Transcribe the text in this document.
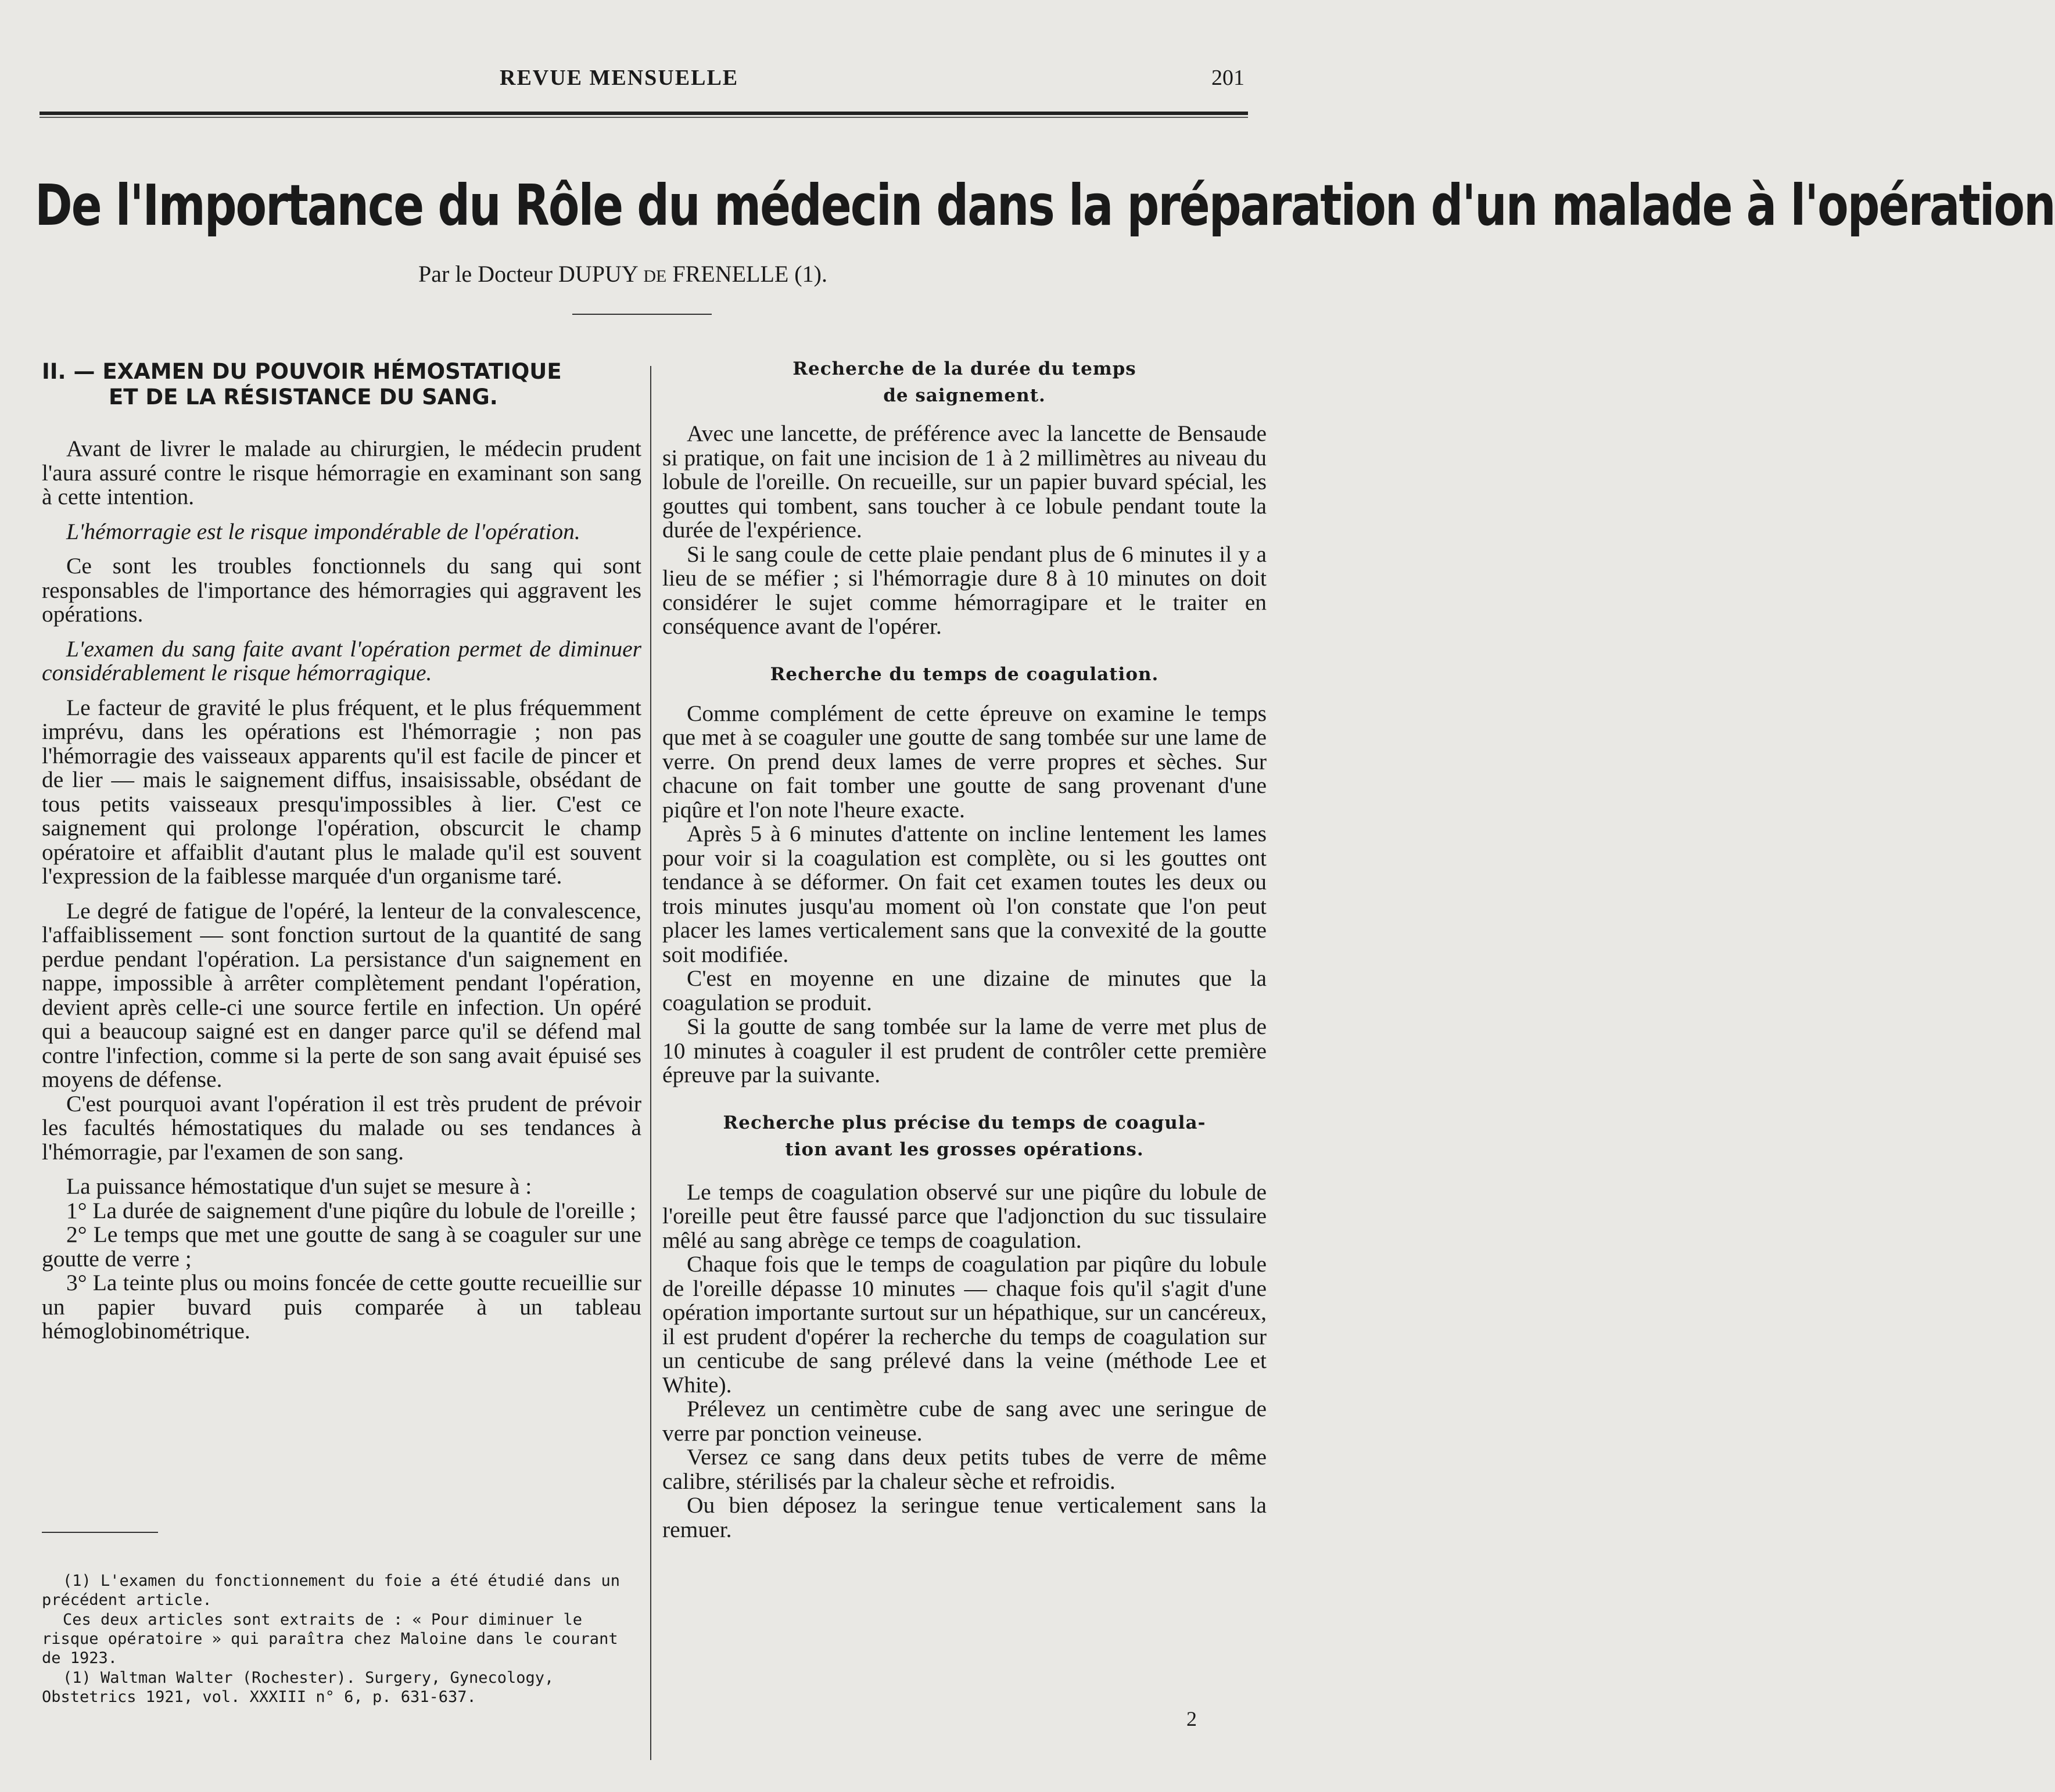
REVUE MENSUELLE	201
De l'Importance du Rôle du médecin dans la préparation d'un malade à l'opération
Par le Docteur DUPUY DE FRENELLE (1).
II. — EXAMEN DU POUVOIR HÉMOSTATIQUE
ET DE LA RÉSISTANCE DU SANG.

Avant de livrer le malade au chirurgien, le médecin prudent l'aura assuré contre le risque hémorragie en examinant son sang à cette intention.

L'hémorragie est le risque impondérable de l'opération.

Ce sont les troubles fonctionnels du sang qui sont responsables de l'importance des hémorragies qui aggravent les opérations.

L'examen du sang faite avant l'opération permet de diminuer considérablement le risque hémorragique.

Le facteur de gravité le plus fréquent, et le plus fréquemment imprévu, dans les opérations est l'hémorragie ; non pas l'hémorragie des vaisseaux apparents qu'il est facile de pincer et de lier — mais le saignement diffus, insaisissable, obsédant de tous petits vaisseaux presqu'impossibles à lier. C'est ce saignement qui prolonge l'opération, obscurcit le champ opératoire et affaiblit d'autant plus le malade qu'il est souvent l'expression de la faiblesse marquée d'un organisme taré.

Le degré de fatigue de l'opéré, la lenteur de la convalescence, l'affaiblissement — sont fonction surtout de la quantité de sang perdue pendant l'opération. La persistance d'un saignement en nappe, impossible à arrêter complètement pendant l'opération, devient après celle-ci une source fertile en infection. Un opéré qui a beaucoup saigné est en danger parce qu'il se défend mal contre l'infection, comme si la perte de son sang avait épuisé ses moyens de défense.

C'est pourquoi avant l'opération il est très prudent de prévoir les facultés hémostatiques du malade ou ses tendances à l'hémorragie, par l'examen de son sang.

La puissance hémostatique d'un sujet se mesure à :

1° La durée de saignement d'une piqûre du lobule de l'oreille ;

2° Le temps que met une goutte de sang à se coaguler sur une goutte de verre ;

3° La teinte plus ou moins foncée de cette goutte recueillie sur un papier buvard puis comparée à un tableau hémoglobinométrique.

(1) L'examen du fonctionnement du foie a été étudié dans un précédent article.

Ces deux articles sont extraits de : « Pour diminuer le risque opératoire » qui paraîtra chez Maloine dans le courant de 1923.

(1) Waltman Walter (Rochester). Surgery, Gynecology, Obstetrics 1921, vol. XXXIII n° 6, p. 631-637.

Recherche de la durée du temps
de saignement.

Avec une lancette, de préférence avec la lancette de Bensaude si pratique, on fait une incision de 1 à 2 millimètres au niveau du lobule de l'oreille. On recueille, sur un papier buvard spécial, les gouttes qui tombent, sans toucher à ce lobule pendant toute la durée de l'expérience.

Si le sang coule de cette plaie pendant plus de 6 minutes il y a lieu de se méfier ; si l'hémorragie dure 8 à 10 minutes on doit considérer le sujet comme hémorragipare et le traiter en conséquence avant de l'opérer.

Recherche du temps de coagulation.

Comme complément de cette épreuve on examine le temps que met à se coaguler une goutte de sang tombée sur une lame de verre. On prend deux lames de verre propres et sèches. Sur chacune on fait tomber une goutte de sang provenant d'une piqûre et l'on note l'heure exacte.

Après 5 à 6 minutes d'attente on incline lentement les lames pour voir si la coagulation est complète, ou si les gouttes ont tendance à se déformer. On fait cet examen toutes les deux ou trois minutes jusqu'au moment où l'on constate que l'on peut placer les lames verticalement sans que la convexité de la goutte soit modifiée.

C'est en moyenne en une dizaine de minutes que la coagulation se produit.

Si la goutte de sang tombée sur la lame de verre met plus de 10 minutes à coaguler il est prudent de contrôler cette première épreuve par la suivante.

Recherche plus précise du temps de coagula-
tion avant les grosses opérations.

Le temps de coagulation observé sur une piqûre du lobule de l'oreille peut être faussé parce que l'adjonction du suc tissulaire mêlé au sang abrège ce temps de coagulation.

Chaque fois que le temps de coagulation par piqûre du lobule de l'oreille dépasse 10 minutes — chaque fois qu'il s'agit d'une opération importante surtout sur un hépathique, sur un cancéreux, il est prudent d'opérer la recherche du temps de coagulation sur un centicube de sang prélevé dans la veine (méthode Lee et White).

Prélevez un centimètre cube de sang avec une seringue de verre par ponction veineuse.

Versez ce sang dans deux petits tubes de verre de même calibre, stérilisés par la chaleur sèche et refroidis.

Ou bien déposez la seringue tenue verticalement sans la remuer.

2
